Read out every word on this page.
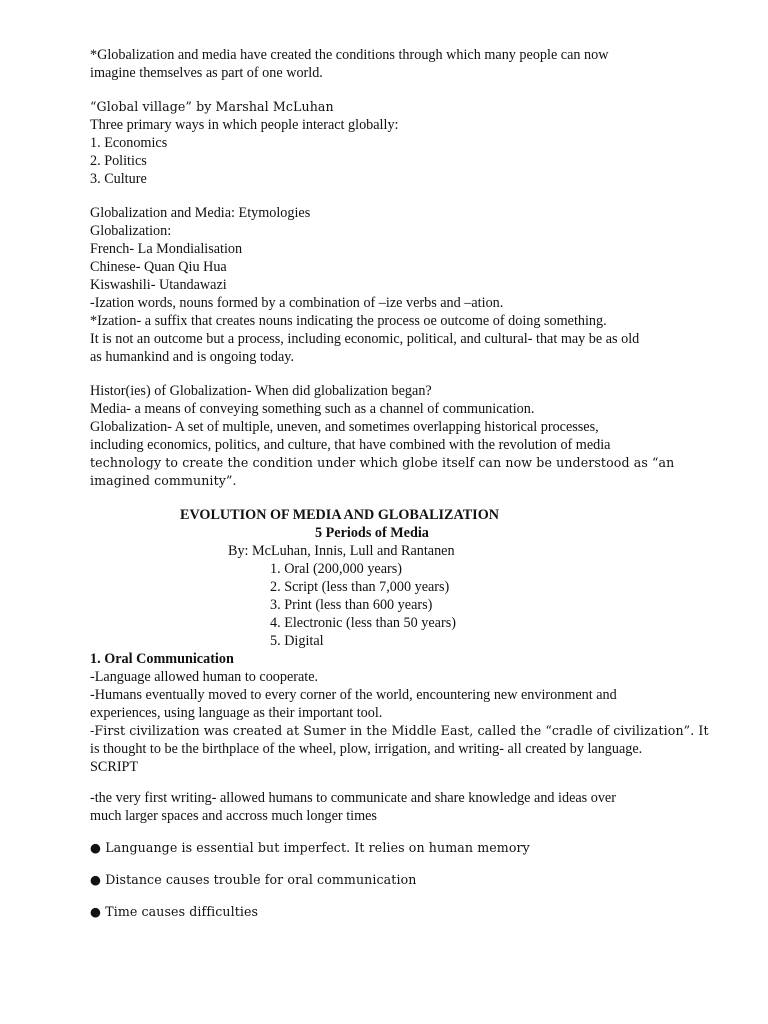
*Globalization and media have created the conditions through which many people can now
imagine themselves as part of one world.
“Global village” by Marshal McLuhan
Three primary ways in which people interact globally:
1. Economics
2. Politics
3. Culture
Globalization and Media: Etymologies
Globalization:
French- La Mondialisation
Chinese- Quan Qiu Hua
Kiswashili- Utandawazi
-Ization words, nouns formed by a combination of –ize verbs and –ation.
*Ization- a suffix that creates nouns indicating the process oe outcome of doing something.
It is not an outcome but a process, including economic, political, and cultural- that may be as old
as humankind and is ongoing today.
Histor(ies) of Globalization- When did globalization began?
Media- a means of conveying something such as a channel of communication.
Globalization- A set of multiple, uneven, and sometimes overlapping historical processes,
including economics, politics, and culture, that have combined with the revolution of media
technology to create the condition under which globe itself can now be understood as “an
imagined community”.
EVOLUTION OF MEDIA AND GLOBALIZATION
5 Periods of Media
By: McLuhan, Innis, Lull and Rantanen
1. Oral (200,000 years)
2. Script (less than 7,000 years)
3. Print (less than 600 years)
4. Electronic (less than 50 years)
5. Digital
1. Oral Communication
-Language allowed human to cooperate.
-Humans eventually moved to every corner of the world, encountering new environment and
experiences, using language as their important tool.
-First civilization was created at Sumer in the Middle East, called the “cradle of civilization”. It
is thought to be the birthplace of the wheel, plow, irrigation, and writing- all created by language.
SCRIPT
-the very first writing- allowed humans to communicate and share knowledge and ideas over
much larger spaces and accross much longer times
● Languange is essential but imperfect. It relies on human memory
● Distance causes trouble for oral communication
● Time causes difficulties
